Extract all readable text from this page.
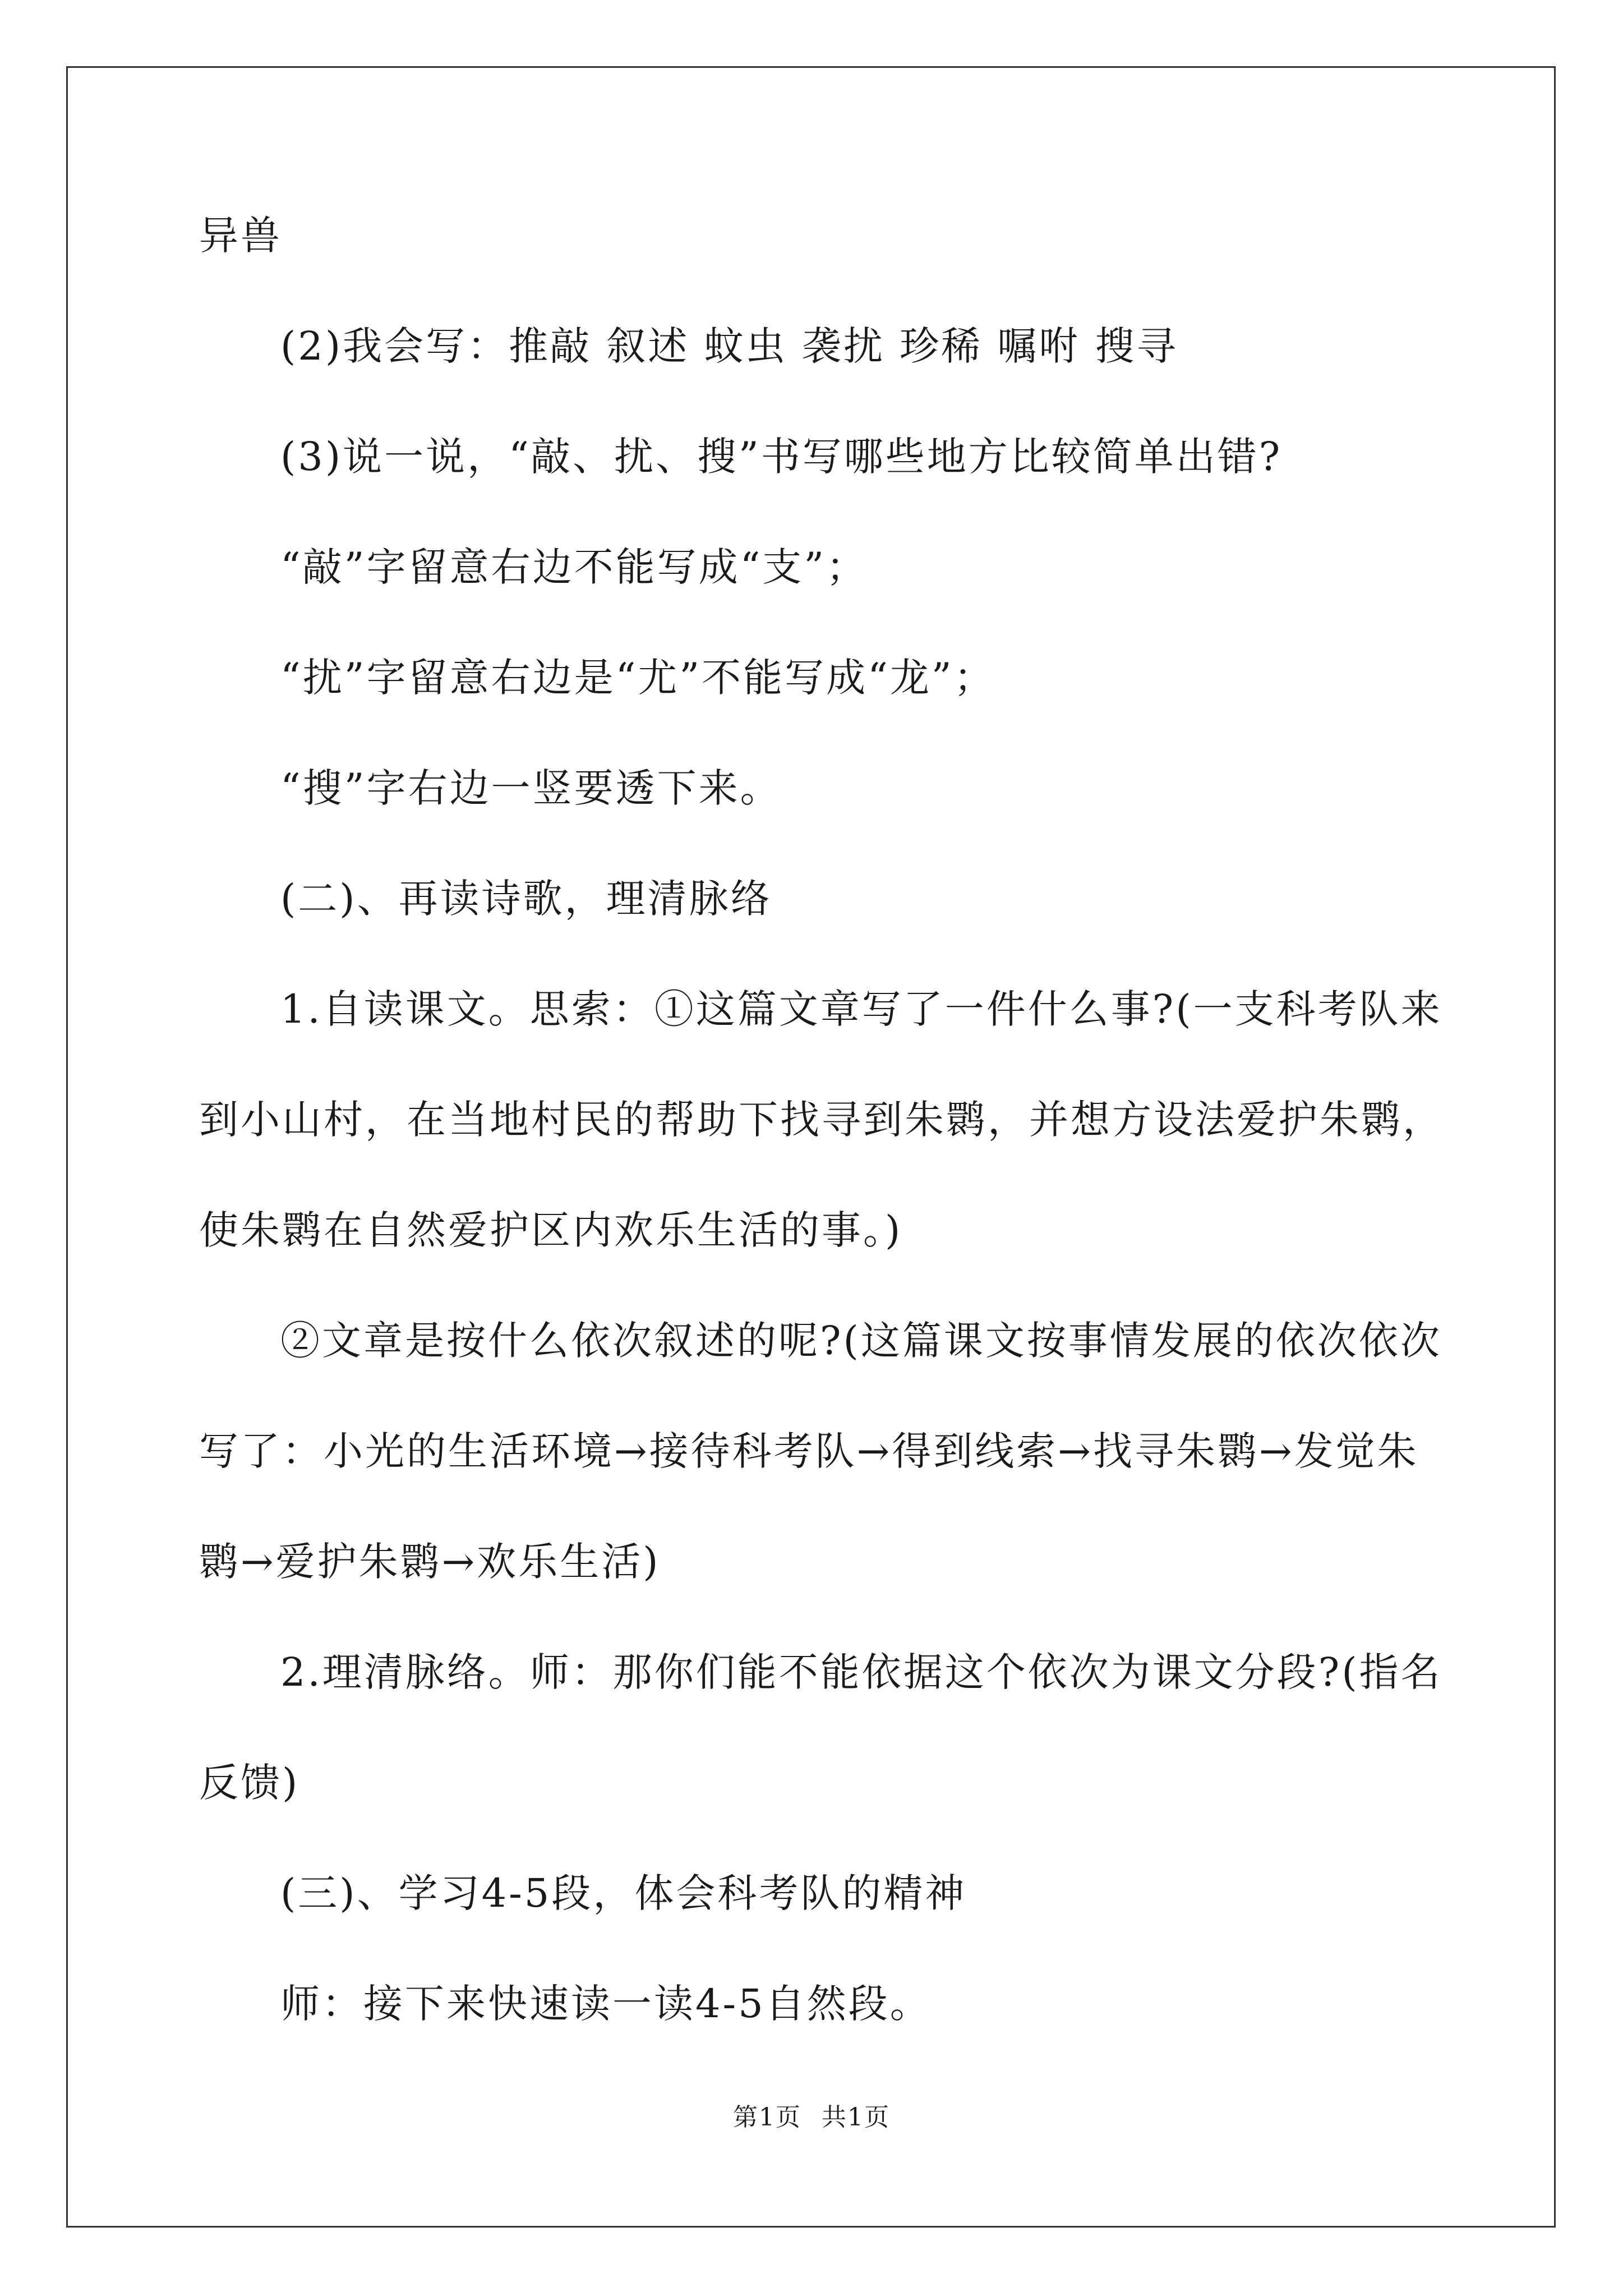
异兽
(2)我会写：推敲 叙述 蚊虫 袭扰 珍稀 嘱咐 搜寻
(3)说一说，“敲、扰、搜”书写哪些地方比较简单出错?
“敲”字留意右边不能写成“支”；
“扰”字留意右边是“尤”不能写成“龙”；
“搜”字右边一竖要透下来。
(二)、再读诗歌，理清脉络
1.自读课文。思索：①这篇文章写了一件什么事?(一支科考队来
到小山村，在当地村民的帮助下找寻到朱鹮，并想方设法爱护朱鹮，
使朱鹮在自然爱护区内欢乐生活的事。)
②文章是按什么依次叙述的呢?(这篇课文按事情发展的依次依次
写了：小光的生活环境→接待科考队→得到线索→找寻朱鹮→发觉朱
鹮→爱护朱鹮→欢乐生活)
2.理清脉络。师：那你们能不能依据这个依次为课文分段?(指名
反馈)
(三)、学习4-5段，体会科考队的精神
师：接下来快速读一读4-5自然段。
第1页 共1页
